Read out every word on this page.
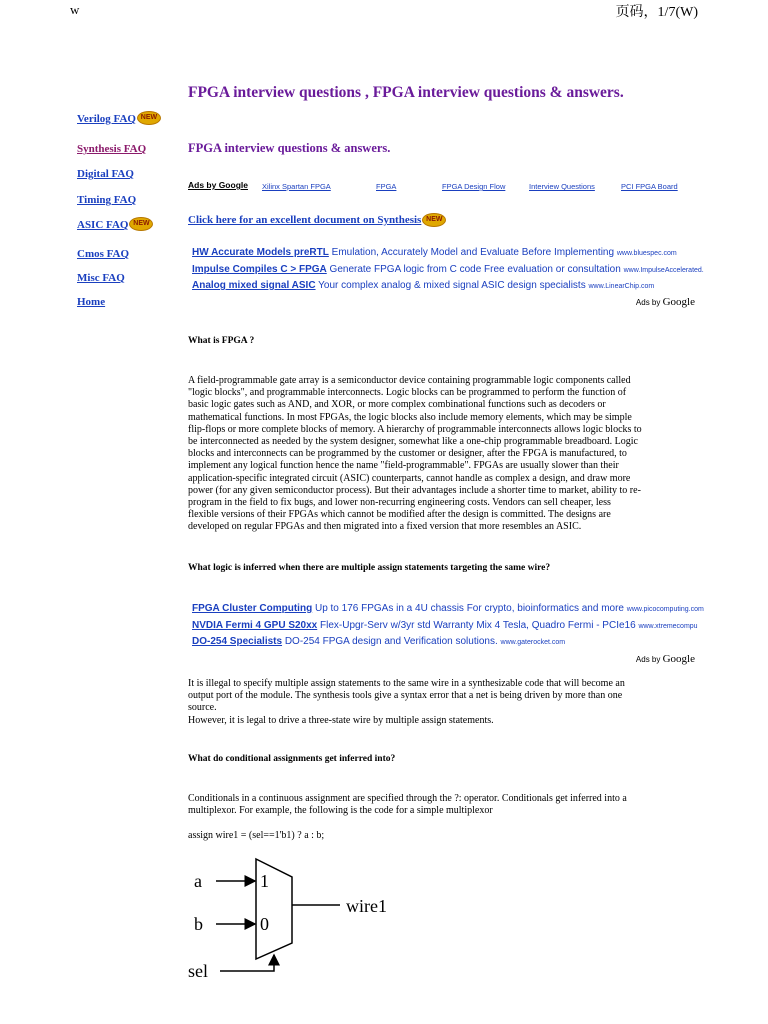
w	页码，1/7(W)
FPGA interview questions , FPGA interview questions & answers.
Verilog FAQ NEW
Synthesis FAQ
Digital FAQ
Timing FAQ
ASIC FAQ NEW
Cmos FAQ
Misc FAQ
Home
FPGA interview questions & answers.
Ads by Google Xilinx Spartan FPGA	FPGA	FPGA Design Flow	Interview Questions	PCI FPGA Board
Click here for an excellent document on Synthesis NEW
HW Accurate Models preRTL Emulation, Accurately Model and Evaluate Before Implementing www.bluespec.com
Impulse Compiles C > FPGA Generate FPGA logic from C code Free evaluation or consultation www.ImpulseAccelerated.
Analog mixed signal ASIC Your complex analog & mixed signal ASIC design specialists www.LinearChip.com
Ads by Google
What is FPGA ?

A field-programmable gate array is a semiconductor device containing programmable logic components called

"logic blocks", and programmable interconnects. Logic blocks can be programmed to perform the function of

basic logic gates such as AND, and XOR, or more complex combinational functions such as decoders or

mathematical functions. In most FPGAs, the logic blocks also include memory elements, which may be simple

flip-flops or more complete blocks of memory. A hierarchy of programmable interconnects allows logic blocks to

be interconnected as needed by the system designer, somewhat like a one-chip programmable breadboard. Logic

blocks and interconnects can be programmed by the customer or designer, after the FPGA is manufactured, to

implement any logical function hence the name "field-programmable". FPGAs are usually slower than their

application-specific integrated circuit (ASIC) counterparts, cannot handle as complex a design, and draw more

power (for any given semiconductor process). But their advantages include a shorter time to market, ability to re-

program in the field to fix bugs, and lower non-recurring engineering costs. Vendors can sell cheaper, less

flexible versions of their FPGAs which cannot be modified after the design is committed. The designs are

developed on regular FPGAs and then migrated into a fixed version that more resembles an ASIC.

What logic is inferred when there are multiple assign statements targeting the same wire?
FPGA Cluster Computing Up to 176 FPGAs in a 4U chassis For crypto, bioinformatics and more www.picocomputing.com
NVDIA Fermi 4 GPU S20xx Flex-Upgr-Serv w/3yr std Warranty Mix 4 Tesla, Quadro Fermi - PCIe16 www.xtremecompu
DO-254 Specialists DO-254 FPGA design and Verification solutions. www.gaterocket.com
Ads by Google

It is illegal to specify multiple assign statements to the same wire in a synthesizable code that will become an

output port of the module. The synthesis tools give a syntax error that a net is being driven by more than one

source.

However, it is legal to drive a three-state wire by multiple assign statements.

What do conditional assignments get inferred into?

Conditionals in a continuous assignment are specified through the ?: operator. Conditionals get inferred into a

multiplexor. For example, the following is the code for a simple multiplexor

assign wire1 = (sel==1'b1) ? a : b;
a
b
1
0
wire1
sel
